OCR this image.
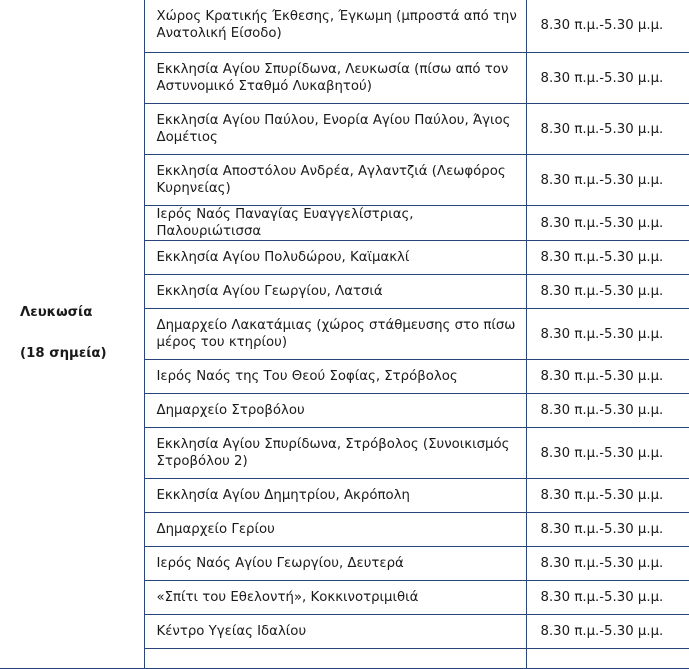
Λευκωσία
(18 σημεία)	Χώρος Κρατικής Έκθεσης, Έγκωμη (μπροστά από την Ανατολική Είσοδο)	8.30 π.μ.-5.30 μ.μ.
	Εκκλησία Αγίου Σπυρίδωνα, Λευκωσία (πίσω από τον Αστυνομικό Σταθμό Λυκαβητού)	8.30 π.μ.-5.30 μ.μ.
	Εκκλησία Αγίου Παύλου, Ενορία Αγίου Παύλου, Άγιος Δομέτιος	8.30 π.μ.-5.30 μ.μ.
	Εκκλησία Αποστόλου Ανδρέα, Αγλαντζιά (Λεωφόρος Κυρηνείας)	8.30 π.μ.-5.30 μ.μ.
	Ιερός Ναός Παναγίας Ευαγγελίστριας, Παλουριώτισσα	8.30 π.μ.-5.30 μ.μ.
	Εκκλησία Αγίου Πολυδώρου, Καϊμακλί	8.30 π.μ.-5.30 μ.μ.
	Εκκλησία Αγίου Γεωργίου, Λατσιά	8.30 π.μ.-5.30 μ.μ.
	Δημαρχείο Λακατάμιας (χώρος στάθμευσης στο πίσω μέρος του κτηρίου)	8.30 π.μ.-5.30 μ.μ.
	Ιερός Ναός της Του Θεού Σοφίας, Στρόβολος	8.30 π.μ.-5.30 μ.μ.
	Δημαρχείο Στροβόλου	8.30 π.μ.-5.30 μ.μ.
	Εκκλησία Αγίου Σπυρίδωνα, Στρόβολος (Συνοικισμός Στροβόλου 2)	8.30 π.μ.-5.30 μ.μ.
	Εκκλησία Αγίου Δημητρίου, Ακρόπολη	8.30 π.μ.-5.30 μ.μ.
	Δημαρχείο Γερίου	8.30 π.μ.-5.30 μ.μ.
	Ιερός Ναός Αγίου Γεωργίου, Δευτερά	8.30 π.μ.-5.30 μ.μ.
	«Σπίτι του Εθελοντή», Κοκκινοτριμιθιά	8.30 π.μ.-5.30 μ.μ.
	Κέντρο Υγείας Ιδαλίου	8.30 π.μ.-5.30 μ.μ.
